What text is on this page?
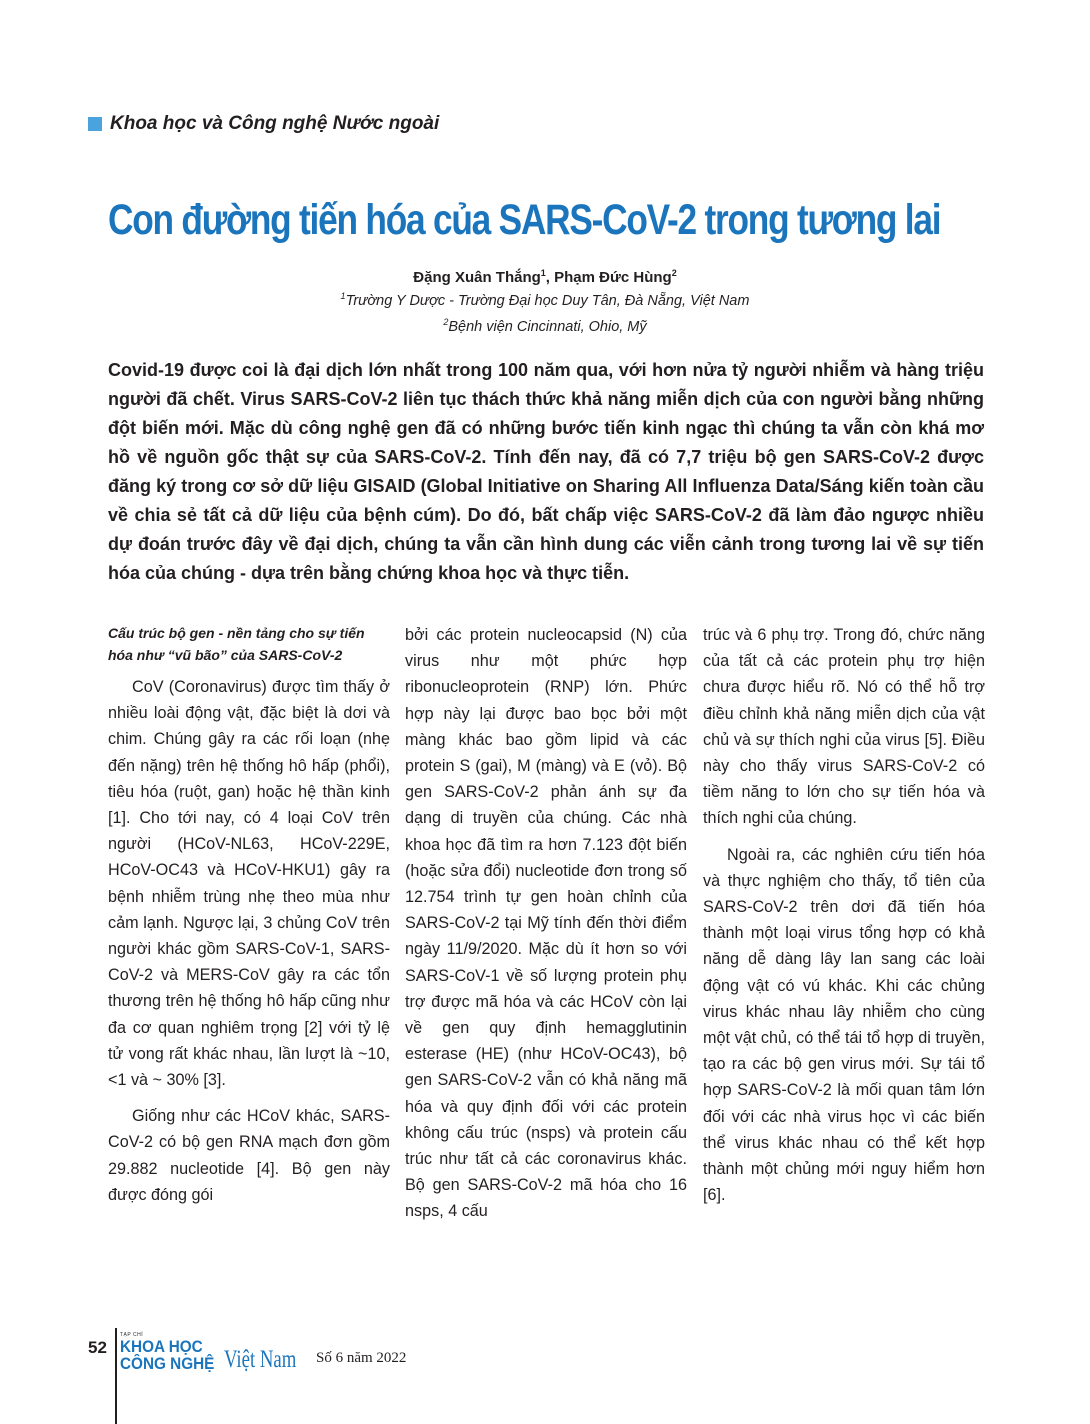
Khoa học và Công nghệ Nước ngoài
Con đường tiến hóa của SARS-CoV-2 trong tương lai
Đặng Xuân Thắng$^1$, Phạm Đức Hùng$^2$
$^1$Trường Y Dược - Trường Đại học Duy Tân, Đà Nẵng, Việt Nam
$^2$Bệnh viện Cincinnati, Ohio, Mỹ
Covid-19 được coi là đại dịch lớn nhất trong 100 năm qua, với hơn nửa tỷ người nhiễm và hàng triệu người đã chết. Virus SARS-CoV-2 liên tục thách thức khả năng miễn dịch của con người bằng những đột biến mới. Mặc dù công nghệ gen đã có những bước tiến kinh ngạc thì chúng ta vẫn còn khá mơ hồ về nguồn gốc thật sự của SARS-CoV-2. Tính đến nay, đã có 7,7 triệu bộ gen SARS-CoV-2 được đăng ký trong cơ sở dữ liệu GISAID (Global Initiative on Sharing All Influenza Data/Sáng kiến toàn cầu về chia sẻ tất cả dữ liệu của bệnh cúm). Do đó, bất chấp việc SARS-CoV-2 đã làm đảo ngược nhiều dự đoán trước đây về đại dịch, chúng ta vẫn cần hình dung các viễn cảnh trong tương lai về sự tiến hóa của chúng - dựa trên bằng chứng khoa học và thực tiễn.
Cấu trúc bộ gen - nền tảng cho sự tiến hóa như “vũ bão” của SARS-CoV-2

CoV (Coronavirus) được tìm thấy ở nhiều loài động vật, đặc biệt là dơi và chim. Chúng gây ra các rối loạn (nhẹ đến nặng) trên hệ thống hô hấp (phổi), tiêu hóa (ruột, gan) hoặc hệ thần kinh [1]. Cho tới nay, có 4 loại CoV trên người (HCoV-NL63, HCoV-229E, HCoV-OC43 và HCoV-HKU1) gây ra bệnh nhiễm trùng nhẹ theo mùa như cảm lạnh. Ngược lại, 3 chủng CoV trên người khác gồm SARS-CoV-1, SARS-CoV-2 và MERS-CoV gây ra các tổn thương trên hệ thống hô hấp cũng như đa cơ quan nghiêm trọng [2] với tỷ lệ tử vong rất khác nhau, lần lượt là ~10, <1 và ~ 30% [3].

Giống như các HCoV khác, SARS-CoV-2 có bộ gen RNA mạch đơn gồm 29.882 nucleotide [4]. Bộ gen này được đóng gói

bởi các protein nucleocapsid (N) của virus như một phức hợp ribonucleoprotein (RNP) lớn. Phức hợp này lại được bao bọc bởi một màng khác bao gồm lipid và các protein S (gai), M (màng) và E (vỏ). Bộ gen SARS-CoV-2 phản ánh sự đa dạng di truyền của chúng. Các nhà khoa học đã tìm ra hơn 7.123 đột biến (hoặc sửa đổi) nucleotide đơn trong số 12.754 trình tự gen hoàn chỉnh của SARS-CoV-2 tại Mỹ tính đến thời điểm ngày 11/9/2020. Mặc dù ít hơn so với SARS-CoV-1 về số lượng protein phụ trợ được mã hóa và các HCoV còn lại về gen quy định hemagglutinin esterase (HE) (như HCoV-OC43), bộ gen SARS-CoV-2 vẫn có khả năng mã hóa và quy định đối với các protein không cấu trúc (nsps) và protein cấu trúc như tất cả các coronavirus khác. Bộ gen SARS-CoV-2 mã hóa cho 16 nsps, 4 cấu

trúc và 6 phụ trợ. Trong đó, chức năng của tất cả các protein phụ trợ hiện chưa được hiểu rõ. Nó có thể hỗ trợ điều chỉnh khả năng miễn dịch của vật chủ và sự thích nghi của virus [5]. Điều này cho thấy virus SARS-CoV-2 có tiềm năng to lớn cho sự tiến hóa và thích nghi của chúng.

Ngoài ra, các nghiên cứu tiến hóa và thực nghiệm cho thấy, tổ tiên của SARS-CoV-2 trên dơi đã tiến hóa thành một loại virus tổng hợp có khả năng dễ dàng lây lan sang các loài động vật có vú khác. Khi các chủng virus khác nhau lây nhiễm cho cùng một vật chủ, có thể tái tổ hợp di truyền, tạo ra các bộ gen virus mới. Sự tái tổ hợp SARS-CoV-2 là mối quan tâm lớn đối với các nhà virus học vì các biến thể virus khác nhau có thể kết hợp thành một chủng mới nguy hiểm hơn [6].

52
TẠP CHÍ
KHOA HỌC
CÔNG NGHỆ Việt Nam Số 6 năm 2022
